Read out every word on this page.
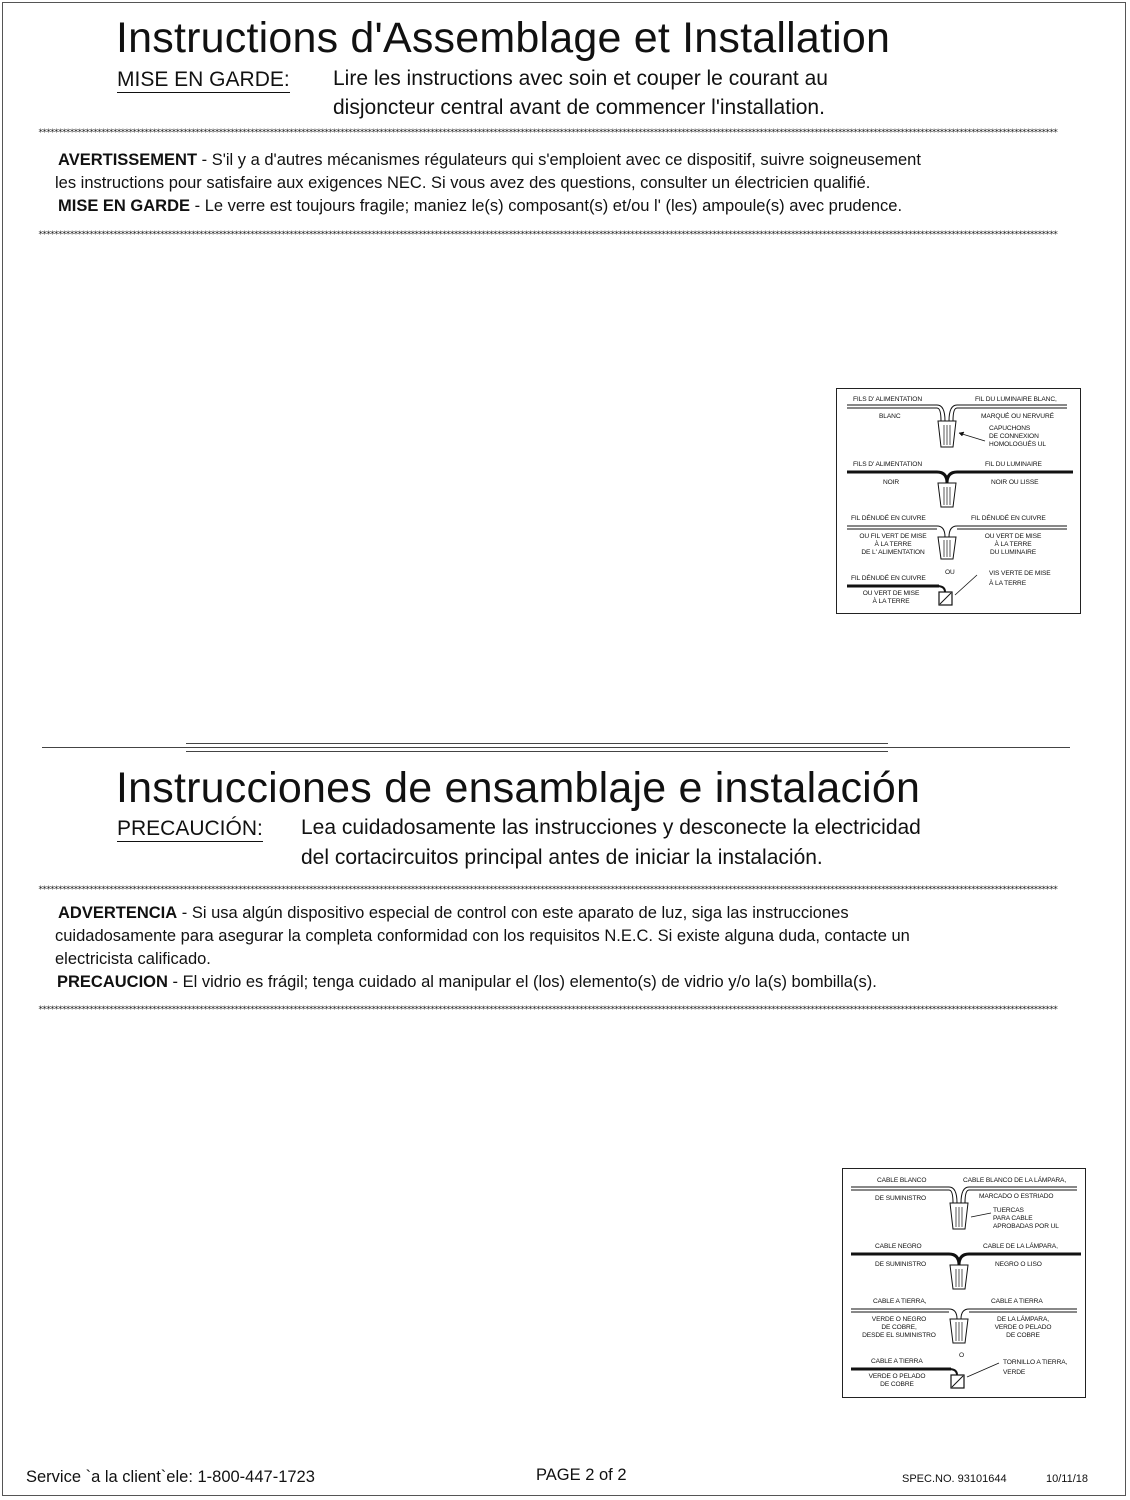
Instructions d'Assemblage et Installation
MISE EN GARDE: Lire les instructions avec soin et couper le courant au
disjoncteur central avant de commencer l'installation.
********************************************************************************************************************************************************************************************************************************************************************
AVERTISSEMENT - S'il y a d'autres mécanismes régulateurs qui s'emploient avec ce dispositif, suivre soigneusement
les instructions pour satisfaire aux exigences NEC. Si vous avez des questions, consulter un électricien qualifié.
MISE EN GARDE - Le verre est toujours fragile; maniez le(s) composant(s) et/ou l' (les) ampoule(s) avec prudence.
********************************************************************************************************************************************************************************************************************************************************************
FILS D' ALIMENTATION
BLANC
FIL DU LUMINAIRE BLANC,
MARQUÉ OU NERVURÉ
CAPUCHONS
DE CONNEXION
HOMOLOGUÉS UL
FILS D' ALIMENTATION
NOIR
FIL DU LUMINAIRE
NOIR OU LISSE
FIL DÉNUDÉ EN CUIVRE
OU FIL VERT DE MISE
À LA TERRE
DE L' ALIMENTATION
FIL DÉNUDÉ EN CUIVRE
OU VERT DE MISE
À LA TERRE
DU LUMINAIRE
OU	VIS VERTE DE MISE
À LA TERRE
FIL DÉNUDÉ EN CUIVRE
OU VERT DE MISE
À LA TERRE
Instrucciones de ensamblaje e instalación
PRECAUCIÓN: Lea cuidadosamente las instrucciones y desconecte la electricidad
del cortacircuitos principal antes de iniciar la instalación.
********************************************************************************************************************************************************************************************************************************************************************
ADVERTENCIA - Si usa algún dispositivo especial de control con este aparato de luz, siga las instrucciones
cuidadosamente para asegurar la completa conformidad con los requisitos N.E.C. Si existe alguna duda, contacte un
electricista calificado.
PRECAUCION - El vidrio es frágil; tenga cuidado al manipular el (los) elemento(s) de vidrio y/o la(s) bombilla(s).
********************************************************************************************************************************************************************************************************************************************************************
CABLE BLANCO
DE SUMINISTRO
CABLE BLANCO DE LA LÁMPARA,
MARCADO O ESTRIADO
TUERCAS
PARA CABLE
APROBADAS POR UL
CABLE NEGRO
DE SUMINISTRO
CABLE DE LA LÁMPARA,
NEGRO O LISO
CABLE A TIERRA,
VERDE O NEGRO
DE COBRE,
DESDE EL SUMINISTRO
CABLE A TIERRA
DE LA LÁMPARA,
VERDE O PELADO
DE COBRE
O
TORNILLO A TIERRA,
VERDE
CABLE A TIERRA
VERDE O PELADO
DE COBRE
Service `a la client`ele: 1-800-447-1723	PAGE 2 of 2	SPEC.NO. 93101644	10/11/18
